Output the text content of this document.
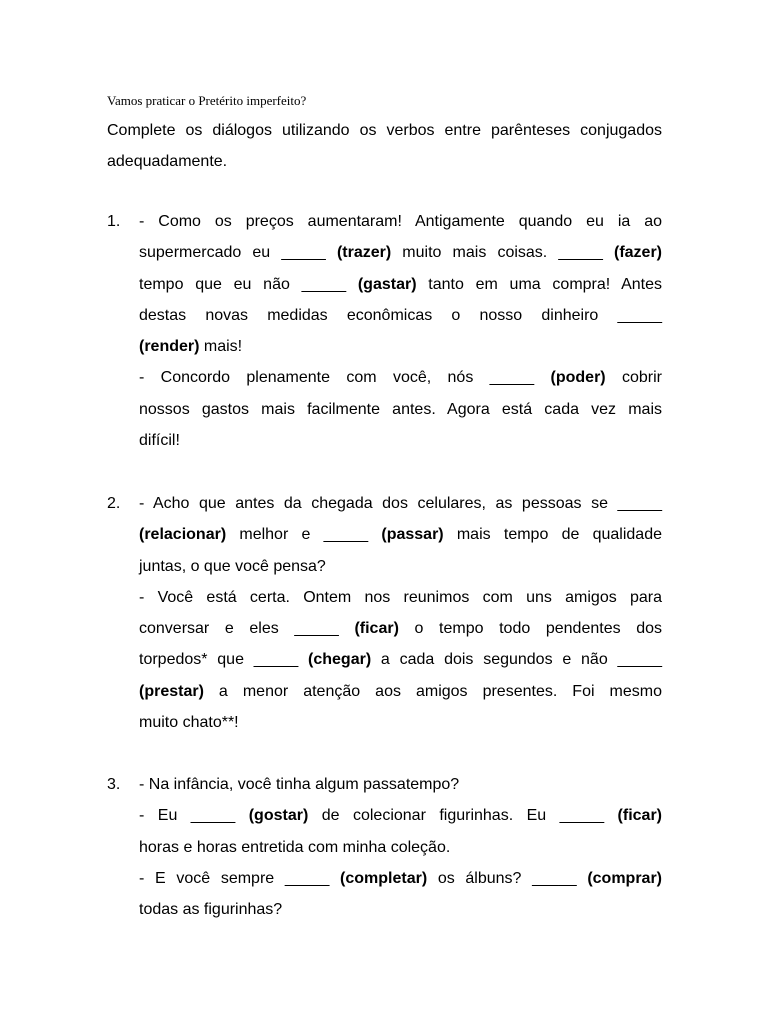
Vamos praticar o Pretérito imperfeito?
Complete os diálogos utilizando os verbos entre parênteses conjugados adequadamente.
1.	- Como os preços aumentaram! Antigamente quando eu ia ao
supermercado eu _____ (trazer) muito mais coisas. _____ (fazer)
tempo que eu não _____ (gastar) tanto em uma compra! Antes
destas novas medidas econômicas o nosso dinheiro _____
(render) mais!
- Concordo plenamente com você, nós _____ (poder) cobrir
nossos gastos mais facilmente antes. Agora está cada vez mais
difícil!
2.	- Acho que antes da chegada dos celulares, as pessoas se _____
(relacionar) melhor e _____ (passar) mais tempo de qualidade
juntas, o que você pensa?
- Você está certa. Ontem nos reunimos com uns amigos para
conversar e eles _____ (ficar) o tempo todo pendentes dos
torpedos* que _____ (chegar) a cada dois segundos e não _____
(prestar) a menor atenção aos amigos presentes. Foi mesmo
muito chato**!
3.	- Na infância, você tinha algum passatempo?
- Eu _____ (gostar) de colecionar figurinhas. Eu _____ (ficar)
horas e horas entretida com minha coleção.
- E você sempre _____ (completar) os álbuns? _____ (comprar)
todas as figurinhas?
